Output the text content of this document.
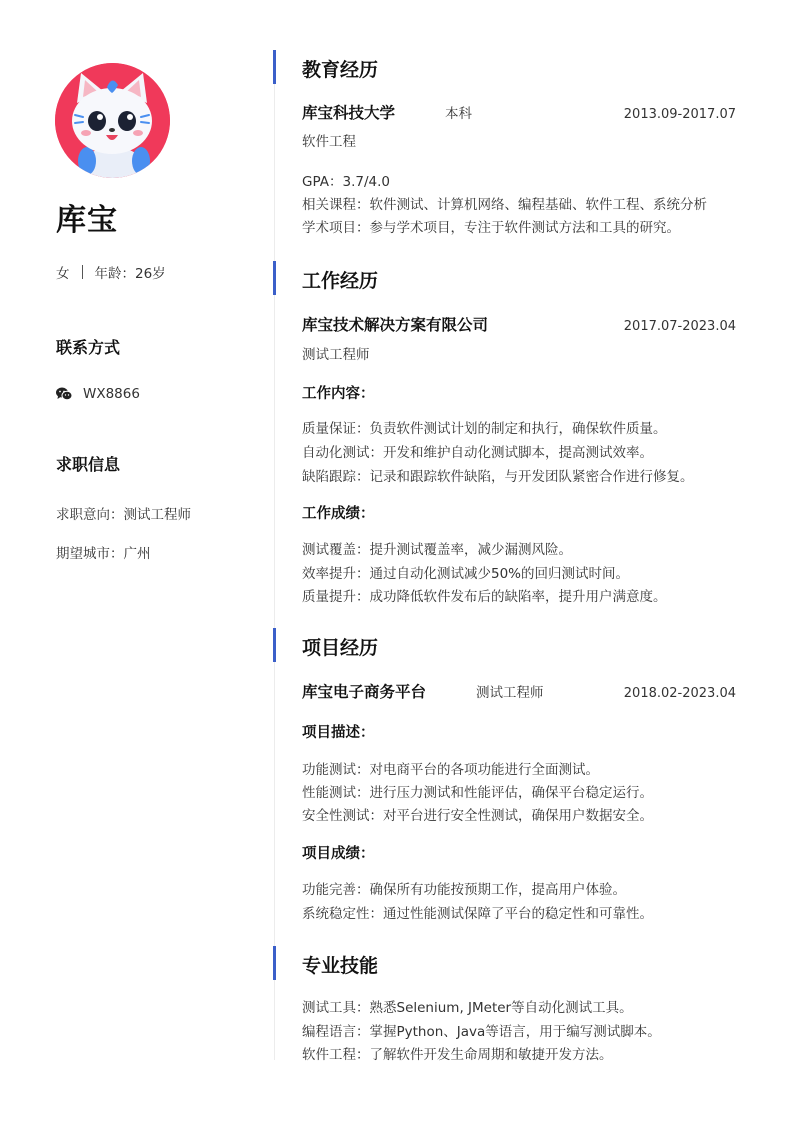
库宝
女 年龄：26岁
联系方式
WX8866
求职信息
求职意向：测试工程师
期望城市：广州
教育经历
库宝科技大学	本科	2013.09-2017.07
软件工程
GPA：3.7/4.0
相关课程：软件测试、计算机网络、编程基础、软件工程、系统分析
学术项目：参与学术项目，专注于软件测试方法和工具的研究。
工作经历
库宝技术解决方案有限公司	2017.07-2023.04
测试工程师
工作内容：
质量保证：负责软件测试计划的制定和执行，确保软件质量。
自动化测试：开发和维护自动化测试脚本，提高测试效率。
缺陷跟踪：记录和跟踪软件缺陷，与开发团队紧密合作进行修复。
工作成绩：
测试覆盖：提升测试覆盖率，减少漏测风险。
效率提升：通过自动化测试减少50%的回归测试时间。
质量提升：成功降低软件发布后的缺陷率，提升用户满意度。
项目经历
库宝电子商务平台	测试工程师	2018.02-2023.04
项目描述：
功能测试：对电商平台的各项功能进行全面测试。
性能测试：进行压力测试和性能评估，确保平台稳定运行。
安全性测试：对平台进行安全性测试，确保用户数据安全。
项目成绩：
功能完善：确保所有功能按预期工作，提高用户体验。
系统稳定性：通过性能测试保障了平台的稳定性和可靠性。
专业技能
测试工具：熟悉Selenium, JMeter等自动化测试工具。
编程语言：掌握Python、Java等语言，用于编写测试脚本。
软件工程：了解软件开发生命周期和敏捷开发方法。
